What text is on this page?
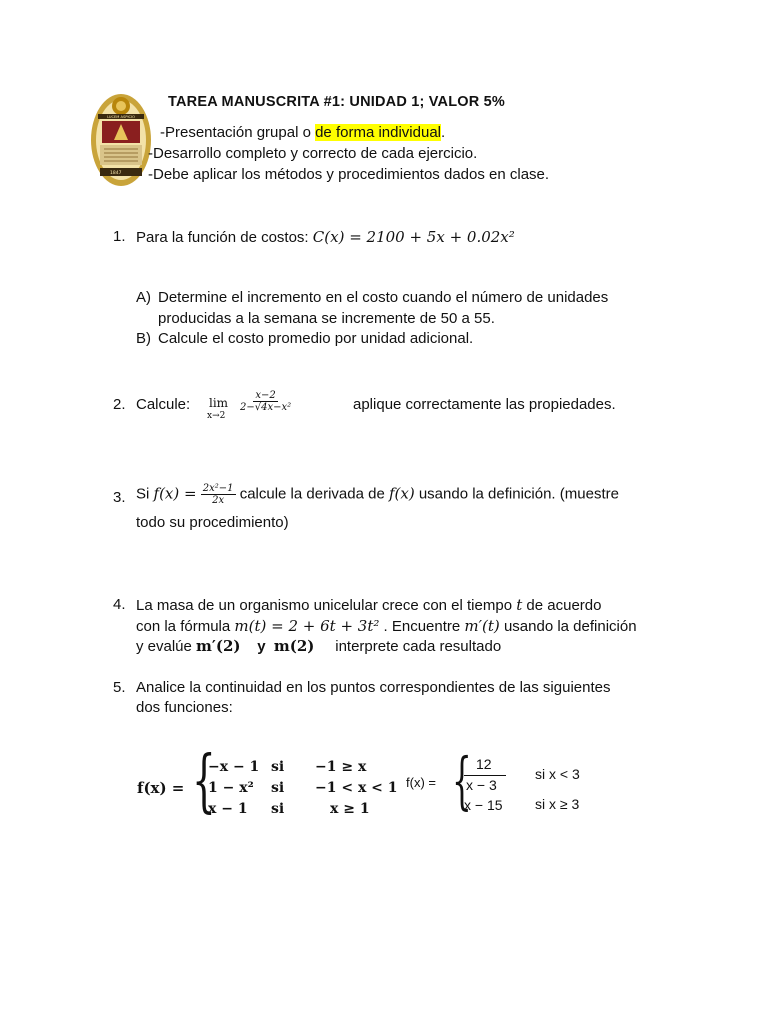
LUCEM ASPICIO
1847
TAREA MANUSCRITA #1: UNIDAD 1; VALOR 5%
-Presentación grupal o de forma individual.
-Desarrollo completo y correcto de cada ejercicio.
-Debe aplicar los métodos y procedimientos dados en clase.
1. Para la función de costos: C(x) = 2100 + 5x + 0.02x²
A) Determine el incremento en el costo cuando el número de unidades
producidas a la semana se incremente de 50 a 55.
B) Calcule el costo promedio por unidad adicional.
2. Calcule: lim
x→2
$\frac{x-2}{\text{2−√4x−x²}}$	aplique correctamente las propiedades.
3. Si $f(x) = \frac{\text{2x²−1}}{2x}$ calcule la derivada de f(x) usando la definición. (muestre
todo su procedimiento)
4. La masa de un organismo unicelular crece con el tiempo t de acuerdo
con la fórmula m(t) = 2 + 6t + 3t² . Encuentre m′(t) usando la definición
y evalúe m′(2) y m(2) interprete cada resultado
5. Analice la continuidad en los puntos correspondientes de las siguientes
dos funciones:
f(x) = {
−x − 1 si −1 ≥ x
1 − x² si −1 < x < 1
x − 1 si	x ≥ 1
f(x) = { 12
x − 3
si x < 3
x − 15 si x ≥ 3
